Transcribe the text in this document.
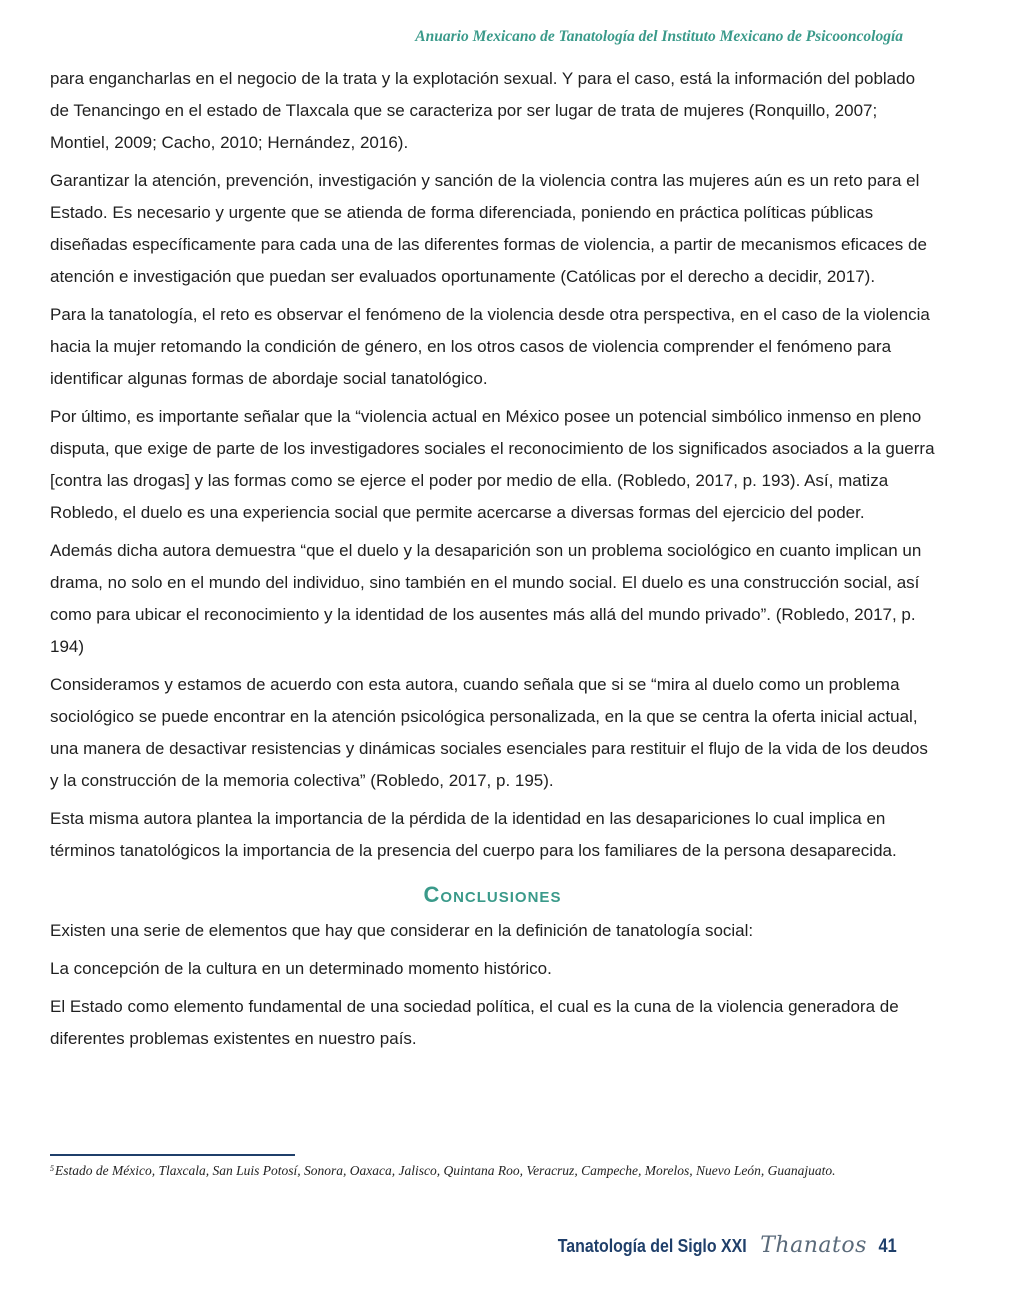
Anuario Mexicano de Tanatología del Instituto Mexicano de Psicooncología

para engancharlas en el negocio de la trata y la explotación sexual. Y para el caso, está la información del poblado de Tenancingo en el estado de Tlaxcala que se caracteriza por ser lugar de trata de mujeres (Ronquillo, 2007; Montiel, 2009; Cacho, 2010; Hernández, 2016).

Garantizar la atención, prevención, investigación y sanción de la violencia contra las mujeres aún es un reto para el Estado. Es necesario y urgente que se atienda de forma diferenciada, poniendo en práctica políticas públicas diseñadas específicamente para cada una de las diferentes formas de violencia, a partir de mecanismos eficaces de atención e investigación que puedan ser evaluados oportunamente (Católicas por el derecho a decidir, 2017).

Para la tanatología, el reto es observar el fenómeno de la violencia desde otra perspectiva, en el caso de la violencia hacia la mujer retomando la condición de género, en los otros casos de violencia comprender el fenómeno para identificar algunas formas de abordaje social tanatológico.

Por último, es importante señalar que la “violencia actual en México posee un potencial simbólico inmenso en pleno disputa, que exige de parte de los investigadores sociales el reconocimiento de los significados asociados a la guerra [contra las drogas] y las formas como se ejerce el poder por medio de ella. (Robledo, 2017, p. 193). Así, matiza Robledo, el duelo es una experiencia social que permite acercarse a diversas formas del ejercicio del poder.

Además dicha autora demuestra “que el duelo y la desaparición son un problema sociológico en cuanto implican un drama, no solo en el mundo del individuo, sino también en el mundo social. El duelo es una construcción social, así como para ubicar el reconocimiento y la identidad de los ausentes más allá del mundo privado”. (Robledo, 2017, p. 194)

Consideramos y estamos de acuerdo con esta autora, cuando señala que si se “mira al duelo como un problema sociológico se puede encontrar en la atención psicológica personalizada, en la que se centra la oferta inicial actual, una manera de desactivar resistencias y dinámicas sociales esenciales para restituir el flujo de la vida de los deudos y la construcción de la memoria colectiva” (Robledo, 2017, p. 195).

Esta misma autora plantea la importancia de la pérdida de la identidad en las desapariciones lo cual implica en términos tanatológicos la importancia de la presencia del cuerpo para los familiares de la persona desaparecida.

Conclusiones

Existen una serie de elementos que hay que considerar en la definición de tanatología social:

La concepción de la cultura en un determinado momento histórico.

El Estado como elemento fundamental de una sociedad política, el cual es la cuna de la violencia generadora de diferentes problemas existentes en nuestro país.

$^5$Estado de México, Tlaxcala, San Luis Potosí, Sonora, Oaxaca, Jalisco, Quintana Roo, Veracruz, Campeche, Morelos, Nuevo León, Guanajuato.
Tanatología del Siglo XXI Thanatos 41
